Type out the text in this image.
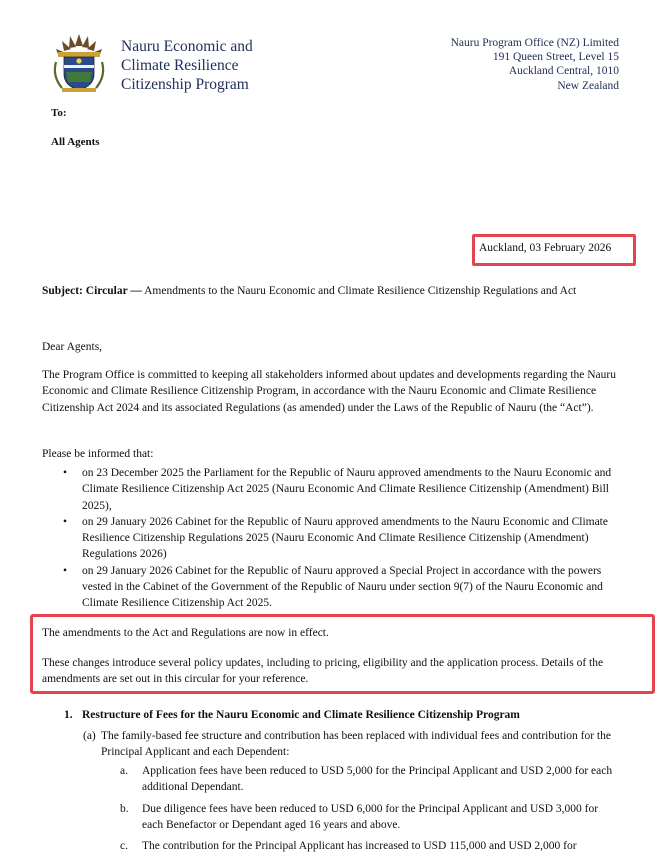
Nauru Economic and
Climate Resilience
Citizenship Program
Nauru Program Office (NZ) Limited
191 Queen Street, Level 15
Auckland Central, 1010
New Zealand
To:
All Agents
Auckland, 03 February 2026
Subject: Circular — Amendments to the Nauru Economic and Climate Resilience Citizenship Regulations and Act
Dear Agents,
The Program Office is committed to keeping all stakeholders informed about updates and developments regarding the Nauru Economic and Climate Resilience Citizenship Program, in accordance with the Nauru Economic and Climate Resilience Citizenship Act 2024 and its associated Regulations (as amended) under the Laws of the Republic of Nauru (the “Act”).
Please be informed that:
• on 23 December 2025 the Parliament for the Republic of Nauru approved amendments to the Nauru Economic and Climate Resilience Citizenship Act 2025 (Nauru Economic And Climate Resilience Citizenship (Amendment) Bill 2025),
• on 29 January 2026 Cabinet for the Republic of Nauru approved amendments to the Nauru Economic and Climate Resilience Citizenship Regulations 2025 (Nauru Economic And Climate Resilience Citizenship (Amendment) Regulations 2026)
• on 29 January 2026 Cabinet for the Republic of Nauru approved a Special Project in accordance with the powers vested in the Cabinet of the Government of the Republic of Nauru under section 9(7) of the Nauru Economic and Climate Resilience Citizenship Act 2025.
The amendments to the Act and Regulations are now in effect.
These changes introduce several policy updates, including to pricing, eligibility and the application process. Details of the amendments are set out in this circular for your reference.
1. Restructure of Fees for the Nauru Economic and Climate Resilience Citizenship Program
(a) The family-based fee structure and contribution has been replaced with individual fees and contribution for the Principal Applicant and each Dependent:
a. Application fees have been reduced to USD 5,000 for the Principal Applicant and USD 2,000 for each additional Dependant.
b. Due diligence fees have been reduced to USD 6,000 for the Principal Applicant and USD 3,000 for each Benefactor or Dependant aged 16 years and above.
c. The contribution for the Principal Applicant has increased to USD 115,000 and USD 2,000 for
